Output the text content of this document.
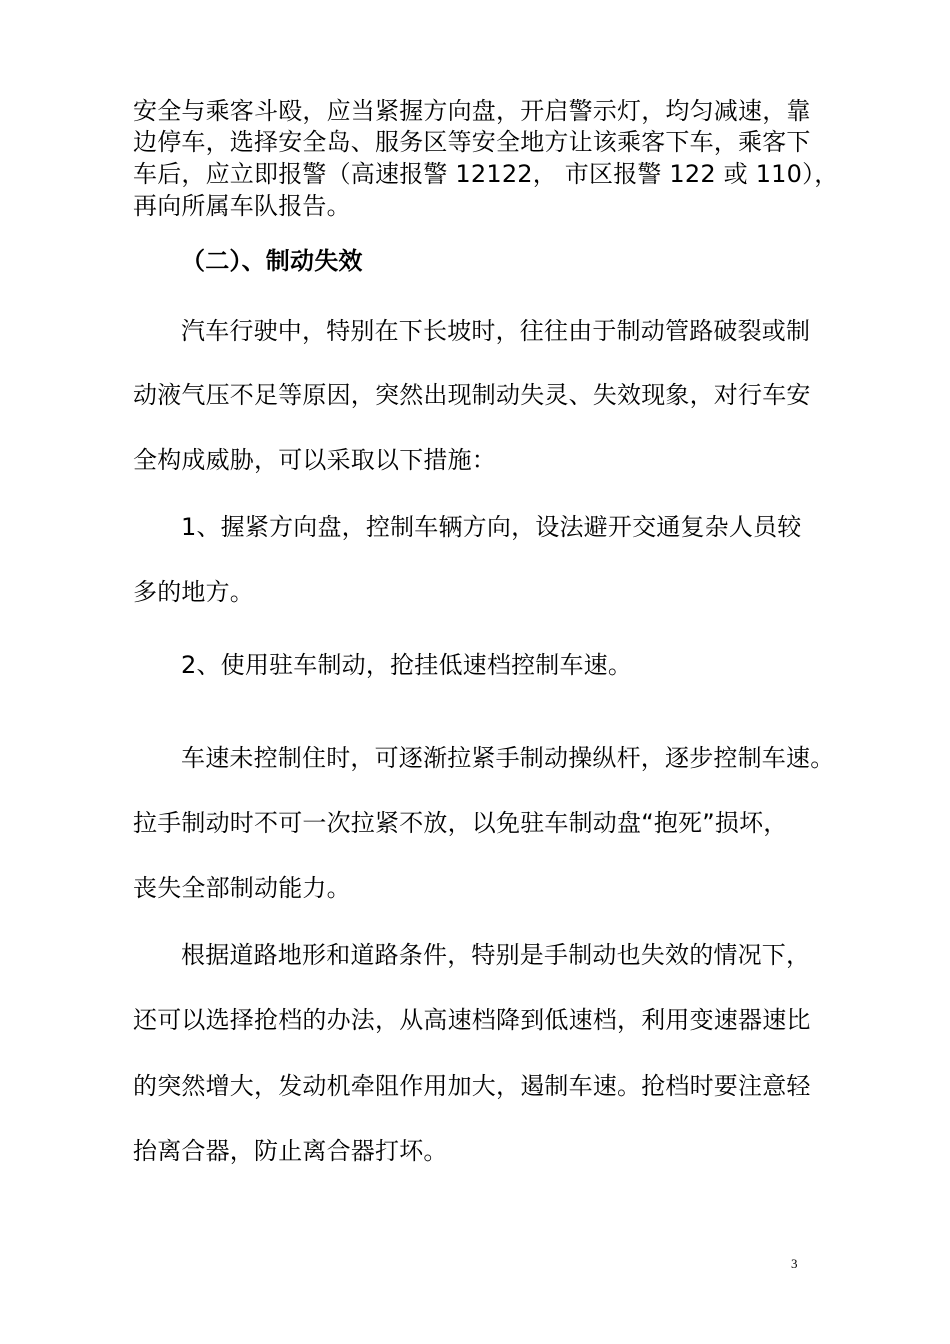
安全与乘客斗殴，应当紧握方向盘，开启警示灯，均匀减速，靠
边停车，选择安全岛、服务区等安全地方让该乘客下车，乘客下
车后，应立即报警（高速报警 12122， 市区报警 122 或 110），
再向所属车队报告。
（二）、制动失效
汽车行驶中，特别在下长坡时，往往由于制动管路破裂或制
动液气压不足等原因，突然出现制动失灵、失效现象，对行车安
全构成威胁，可以采取以下措施：
1、握紧方向盘，控制车辆方向，设法避开交通复杂人员较
多的地方。
2、使用驻车制动，抢挂低速档控制车速。
车速未控制住时，可逐渐拉紧手制动操纵杆，逐步控制车速。
拉手制动时不可一次拉紧不放，以免驻车制动盘“抱死”损坏，
丧失全部制动能力。
根据道路地形和道路条件，特别是手制动也失效的情况下，
还可以选择抢档的办法，从高速档降到低速档，利用变速器速比
的突然增大，发动机牵阻作用加大，遏制车速。抢档时要注意轻
抬离合器，防止离合器打坏。
3
